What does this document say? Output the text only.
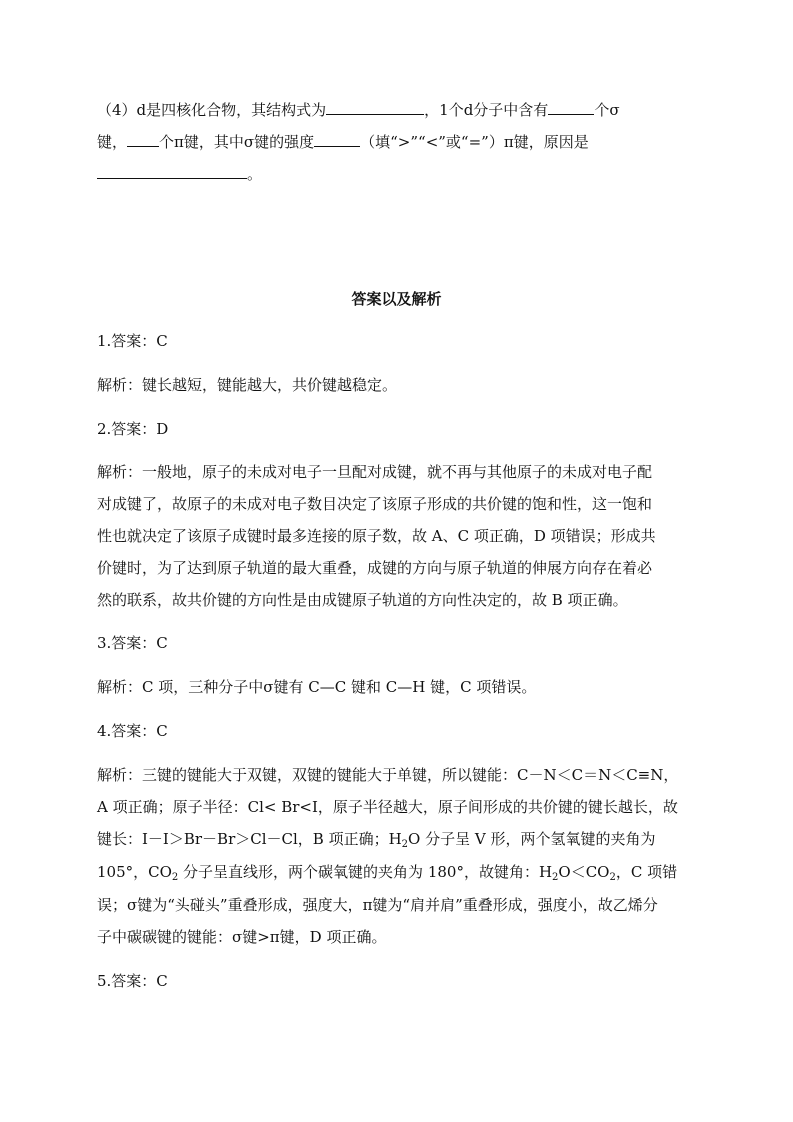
（4）d是四核化合物，其结构式为	，1个d分子中含有	个σ
键， 个π键，其中σ键的强度	（填“>”“<”或“=”）π键，原因是
。
答案以及解析
1.答案：C
解析：键长越短，键能越大，共价键越稳定。
2.答案：D
解析：一般地，原子的未成对电子一旦配对成键，就不再与其他原子的未成对电子配
对成键了，故原子的未成对电子数目决定了该原子形成的共价键的饱和性，这一饱和
性也就决定了该原子成键时最多连接的原子数，故 A、C 项正确，D 项错误；形成共
价键时，为了达到原子轨道的最大重叠，成键的方向与原子轨道的伸展方向存在着必
然的联系，故共价键的方向性是由成键原子轨道的方向性决定的，故 B 项正确。
3.答案：C
解析：C 项，三种分子中σ键有 C—C 键和 C—H 键，C 项错误。
4.答案：C
解析：三键的键能大于双键，双键的键能大于单键，所以键能：C－N＜C＝N＜C≡N，
A 项正确；原子半径：Cl< Br<I，原子半径越大，原子间形成的共价键的键长越长，故
键长：I－I＞Br－Br＞Cl－Cl，B 项正确；$H_2O$ 分子呈 V 形，两个氢氧键的夹角为
105°，$CO_2$ 分子呈直线形，两个碳氧键的夹角为 180°，故键角：$H_2O<CO_2$，C 项错
误；σ键为“头碰头”重叠形成，强度大，π键为“肩并肩”重叠形成，强度小，故乙烯分
子中碳碳键的键能：σ键>π键，D 项正确。
5.答案：C
